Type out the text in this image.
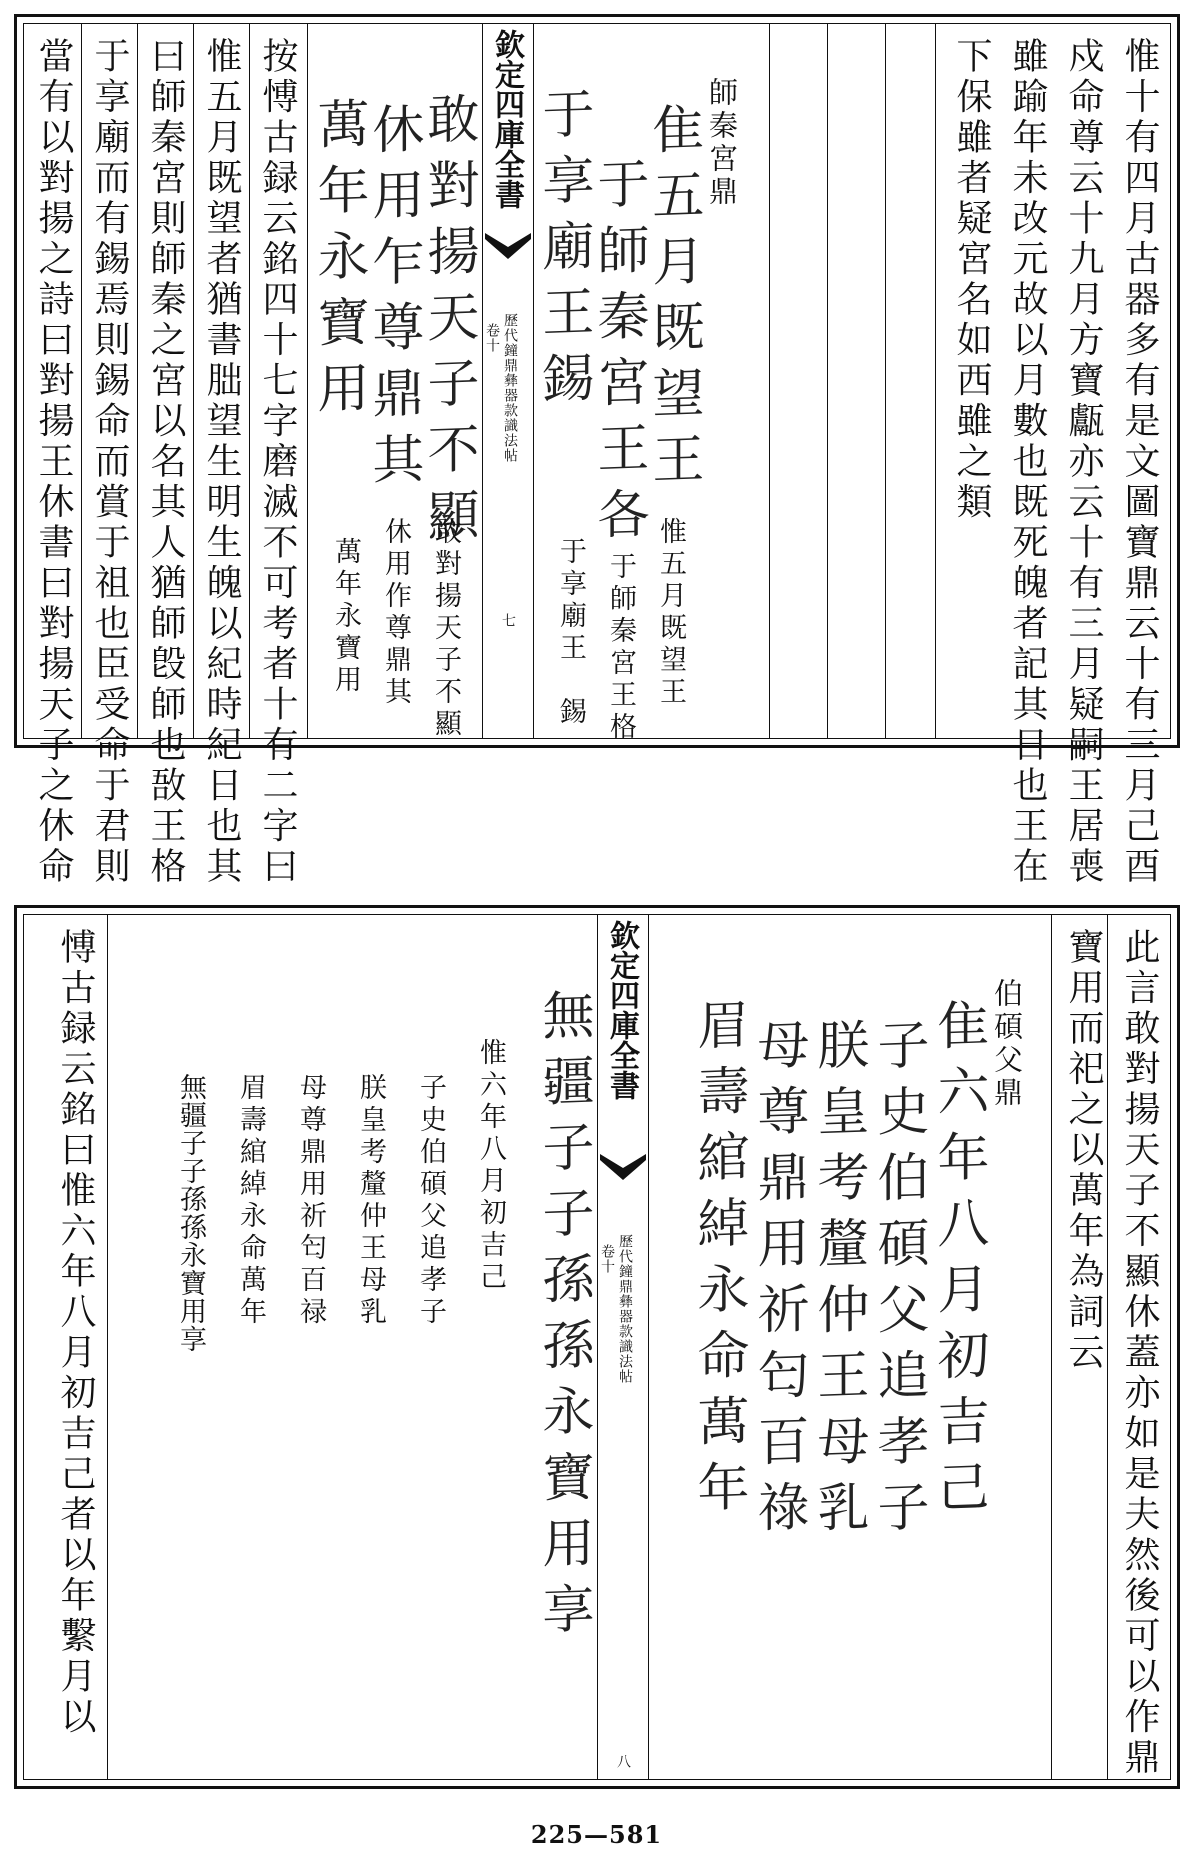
惟十有四月古器多有是文圖寶鼎云十有三月己酉
戍命尊云十九月方寶甗亦云十有三月疑嗣王居喪
雖踰年未改元故以月數也既死魄者記其日也王在
下保雖者疑宮名如西雖之類
師秦宮鼎
隹五月既望王
于師秦宮王各
于享廟王錫
惟五月既望王
于師秦宮王格
于享廟王　錫
欽定四庫全書
歷代鐘鼎彝器款識法帖
卷十
七
敢對揚天子不顯
休用乍尊鼎其
萬年永寶用
敢對揚天子不顯
休用作尊鼎其
萬年永寶用
按愽古録云銘四十七字磨滅不可考者十有二字曰
惟五月既望者猶書朏望生明生魄以紀時紀日也其
曰師秦宮則師秦之宮以名其人猶師𣪘師也敔王格
于享廟而有錫焉則錫命而賞于祖也臣受命于君則
當有以對揚之詩曰對揚王休書曰對揚天子之休命
此言敢對揚天子不顯休蓋亦如是夫然後可以作鼎
寶用而祀之以萬年為詞云
伯碩父鼎
隹六年八月初吉己
子史伯碩父追孝子
朕皇考釐仲王母乳
母尊鼎用祈匄百祿
眉壽綰綽永命萬年
欽定四庫全書
歷代鐘鼎彝器款識法帖
卷十
八
無疆子子孫孫永寶用享
惟六年八月初吉己
子史伯碩父追孝子
朕皇考釐仲王母乳
母尊鼎用祈匄百禄
眉壽綰綽永命萬年
無疆子子孫孫永寶用享
愽古録云銘曰惟六年八月初吉己者以年繫月以
225—581
